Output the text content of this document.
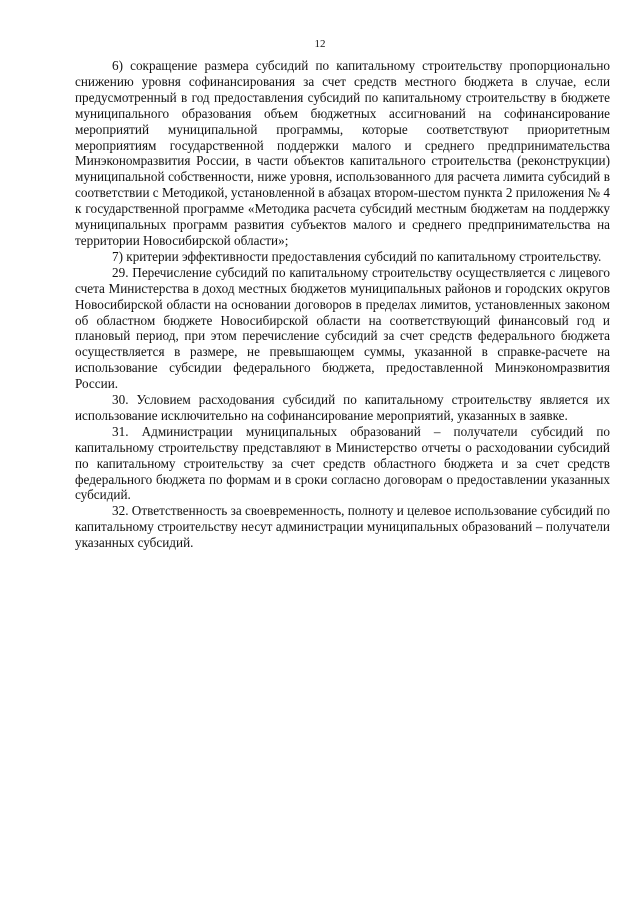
12

6) сокращение размера субсидий по капитальному строительству пропорционально снижению уровня софинансирования за счет средств местного бюджета в случае, если предусмотренный в год предоставления субсидий по капитальному строительству в бюджете муниципального образования объем бюджетных ассигнований на софинансирование мероприятий муниципальной программы, которые соответствуют приоритетным мероприятиям государственной поддержки малого и среднего предпринимательства Минэкономразвития России, в части объектов капитального строительства (реконструкции) муниципальной собственности, ниже уровня, использованного для расчета лимита субсидий в соответствии с Методикой, установленной в абзацах втором-шестом пункта 2 приложения № 4 к государственной программе «Методика расчета субсидий местным бюджетам на поддержку муниципальных программ развития субъектов малого и среднего предпринимательства на территории Новосибирской области»;

7) критерии эффективности предоставления субсидий по капитальному строительству.

29. Перечисление субсидий по капитальному строительству осуществляется с лицевого счета Министерства в доход местных бюджетов муниципальных районов и городских округов Новосибирской области на основании договоров в пределах лимитов, установленных законом об областном бюджете Новосибирской области на соответствующий финансовый год и плановый период, при этом перечисление субсидий за счет средств федерального бюджета осуществляется в размере, не превышающем суммы, указанной в справке-расчете на использование субсидии федерального бюджета, предоставленной Минэкономразвития России.

30. Условием расходования субсидий по капитальному строительству является их использование исключительно на софинансирование мероприятий, указанных в заявке.

31. Администрации муниципальных образований – получатели субсидий по капитальному строительству представляют в Министерство отчеты о расходовании субсидий по капитальному строительству за счет средств областного бюджета и за счет средств федерального бюджета по формам и в сроки согласно договорам о предоставлении указанных субсидий.

32. Ответственность за своевременность, полноту и целевое использование субсидий по капитальному строительству несут администрации муниципальных образований – получатели указанных субсидий.
